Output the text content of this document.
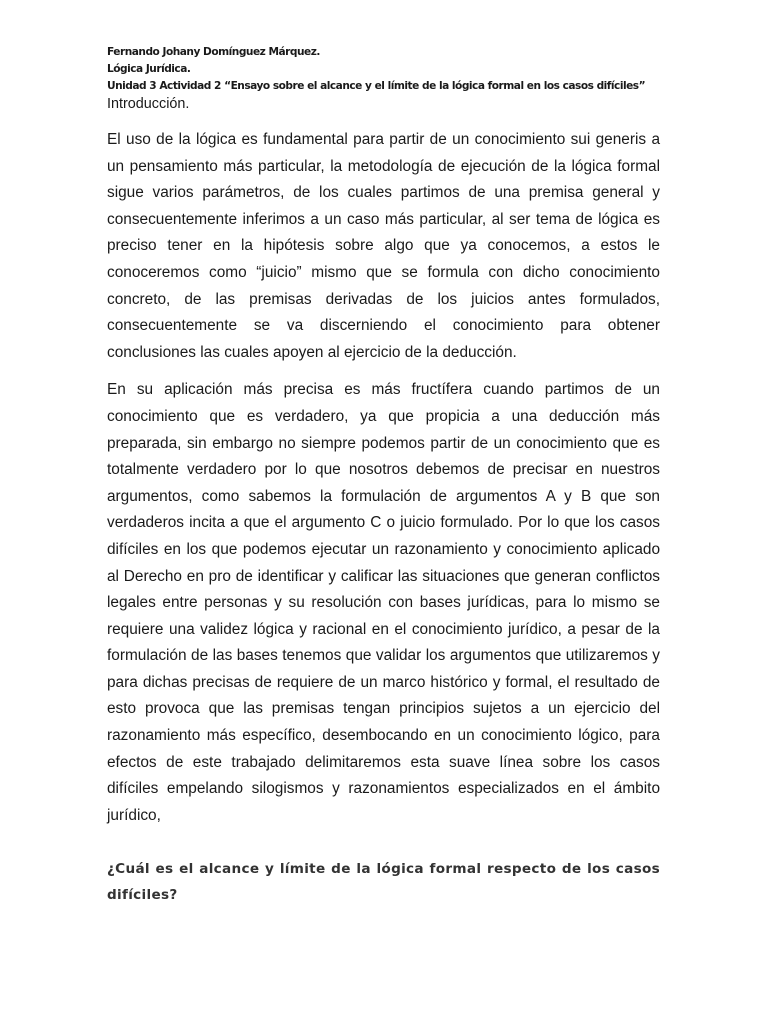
Fernando Johany Domínguez Márquez.
Lógica Jurídica.
Unidad 3 Actividad 2 “Ensayo sobre el alcance y el límite de la lógica formal en los casos difíciles”
Introducción.

El uso de la lógica es fundamental para partir de un conocimiento sui generis a un pensamiento más particular, la metodología de ejecución de la lógica formal sigue varios parámetros, de los cuales partimos de una premisa general y consecuentemente inferimos a un caso más particular, al ser tema de lógica es preciso tener en la hipótesis sobre algo que ya conocemos, a estos le conoceremos como “juicio” mismo que se formula con dicho conocimiento concreto, de las premisas derivadas de los juicios antes formulados, consecuentemente se va discerniendo el conocimiento para obtener conclusiones las cuales apoyen al ejercicio de la deducción.

En su aplicación más precisa es más fructífera cuando partimos de un conocimiento que es verdadero, ya que propicia a una deducción más preparada, sin embargo no siempre podemos partir de un conocimiento que es totalmente verdadero por lo que nosotros debemos de precisar en nuestros argumentos, como sabemos la formulación de argumentos A y B que son verdaderos incita a que el argumento C o juicio formulado. Por lo que los casos difíciles en los que podemos ejecutar un razonamiento y conocimiento aplicado al Derecho en pro de identificar y calificar las situaciones que generan conflictos legales entre personas y su resolución con bases jurídicas, para lo mismo se requiere una validez lógica y racional en el conocimiento jurídico, a pesar de la formulación de las bases tenemos que validar los argumentos que utilizaremos y para dichas precisas de requiere de un marco histórico y formal, el resultado de esto provoca que las premisas tengan principios sujetos a un ejercicio del razonamiento más específico, desembocando en un conocimiento lógico, para efectos de este trabajado delimitaremos esta suave línea sobre los casos difíciles empelando silogismos y razonamientos especializados en el ámbito jurídico,

¿Cuál es el alcance y límite de la lógica formal respecto de los casos difíciles?
